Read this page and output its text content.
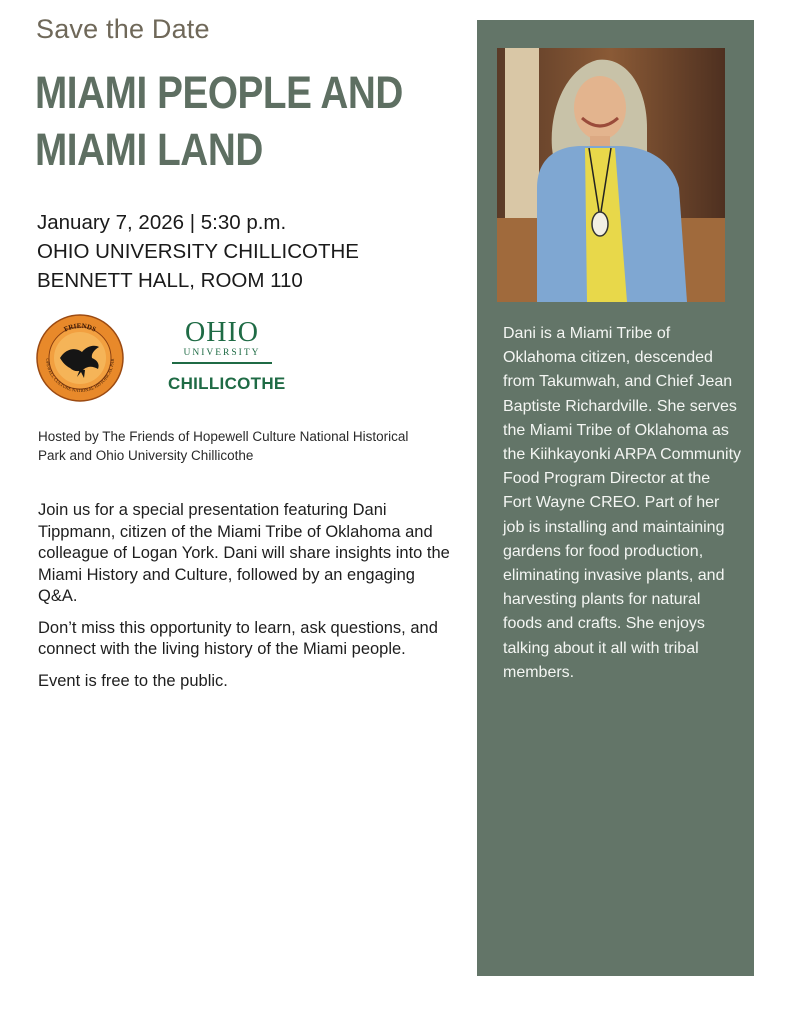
Save the Date
MIAMI PEOPLE AND
MIAMI LAND
January 7, 2026 | 5:30 p.m.
OHIO UNIVERSITY CHILLICOTHE
BENNETT HALL, ROOM 110
FRIENDS
OPEWELL CULTURE NATIONAL HISTORICAL PAR
OHIO
UNIVERSITY
CHILLICOTHE
Hosted by The Friends of Hopewell Culture National Historical Park and Ohio University Chillicothe

Join us for a special presentation featuring Dani Tippmann, citizen of the Miami Tribe of Oklahoma and colleague of Logan York. Dani will share insights into the Miami History and Culture, followed by an engaging Q&A.

Don’t miss this opportunity to learn, ask questions, and connect with the living history of the Miami people.

Event is free to the public.

Dani is a Miami Tribe of Oklahoma citizen, descended from Takumwah, and Chief Jean Baptiste Richardville. She serves the Miami Tribe of Oklahoma as the Kiihkayonki ARPA Community Food Program Director at the Fort Wayne CREO. Part of her job is installing and maintaining gardens for food production, eliminating invasive plants, and harvesting plants for natural foods and crafts. She enjoys talking about it all with tribal members.
